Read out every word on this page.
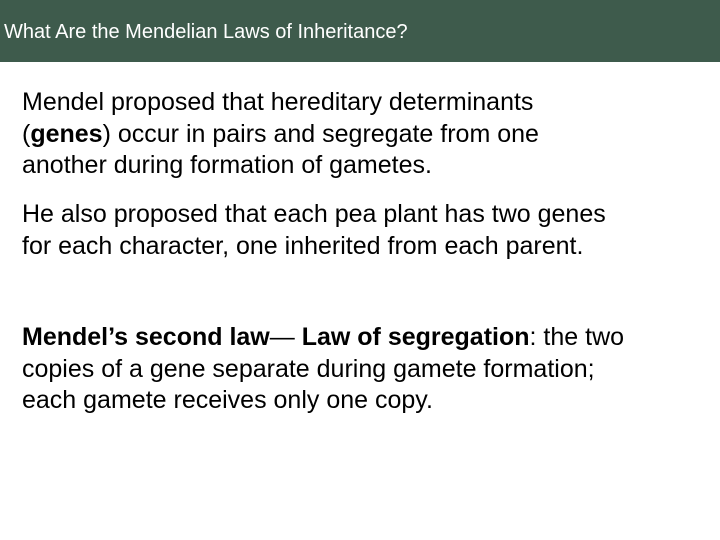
What Are the Mendelian Laws of Inheritance?

Mendel proposed that hereditary determinants
(genes) occur in pairs and segregate from one
another during formation of gametes.

He also proposed that each pea plant has two genes
for each character, one inherited from each parent.

Mendel’s second law— Law of segregation: the two
copies of a gene separate during gamete formation;
each gamete receives only one copy.
